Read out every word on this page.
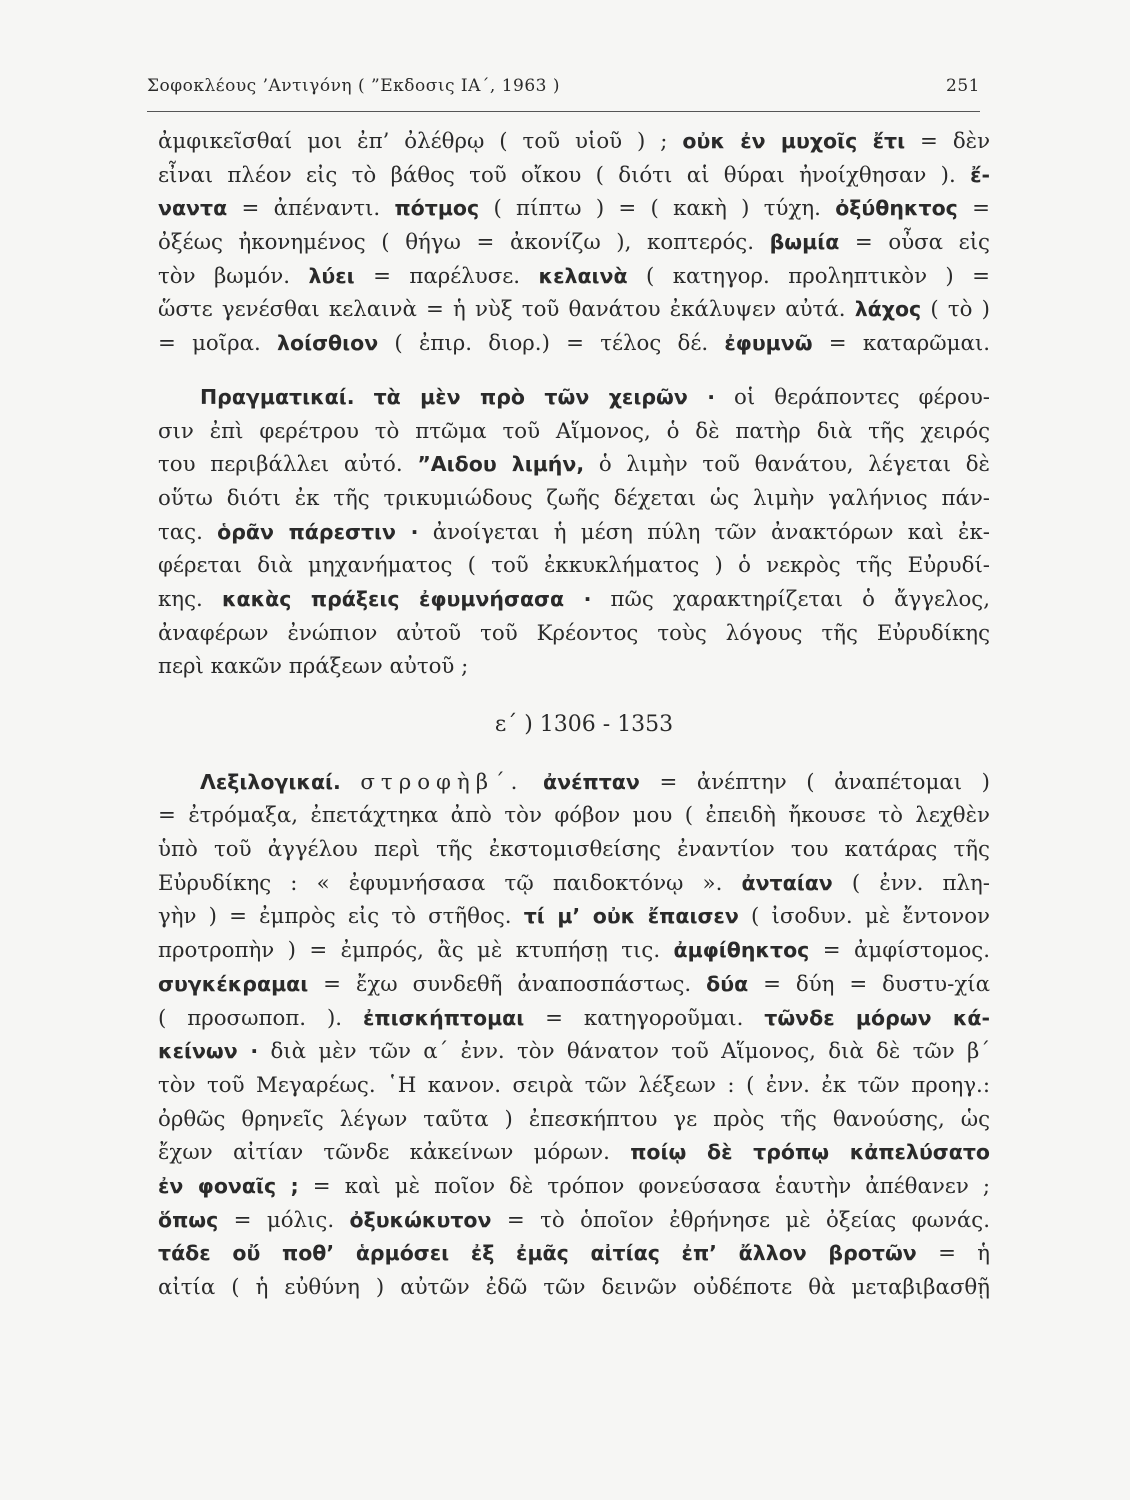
Σοφοκλέους ’Αντιγόνη ( ”Εκδοσις ΙΑ΄, 1963 )	251
ἀμφικεῖσθαί μοι ἐπ’ ὀλέθρῳ ( τοῦ υἱοῦ ) ; οὐκ ἐν μυχοῖς ἔτι = δὲν
εἶναι πλέον εἰς τὸ βάθος τοῦ οἴκου ( διότι αἱ θύραι ἠνοίχθησαν ). ἔ-
ναντα = ἀπέναντι. πότμος ( πίπτω ) = ( κακὴ ) τύχη. ὀξύθηκτος =
ὀξέως ἠκονημένος ( θήγω = ἀκονίζω ), κοπτερός. βωμία = οὖσα εἰς
τὸν βωμόν. λύει = παρέλυσε. κελαινὰ ( κατηγορ. προληπτικὸν ) =
ὥστε γενέσθαι κελαινὰ = ἡ νὺξ τοῦ θανάτου ἐκάλυψεν αὐτά. λάχος ( τὸ )
= μοῖρα. λοίσθιον ( ἐπιρ. διορ.) = τέλος δέ. ἐφυμνῶ = καταρῶμαι.
Πραγματικαί. τὰ μὲν πρὸ τῶν χειρῶν · οἱ θεράποντες φέρου-
σιν ἐπὶ φερέτρου τὸ πτῶμα τοῦ Αἵμονος, ὁ δὲ πατὴρ διὰ τῆς χειρός
του περιβάλλει αὐτό. ”Αιδου λιμήν, ὁ λιμὴν τοῦ θανάτου, λέγεται δὲ
οὕτω διότι ἐκ τῆς τρικυμιώδους ζωῆς δέχεται ὡς λιμὴν γαλήνιος πάν-
τας. ὁρᾶν πάρεστιν · ἀνοίγεται ἡ μέση πύλη τῶν ἀνακτόρων καὶ ἐκ-
φέρεται διὰ μηχανήματος ( τοῦ ἐκκυκλήματος ) ὁ νεκρὸς τῆς Εὐρυδί-
κης. κακὰς πράξεις ἐφυμνήσασα · πῶς χαρακτηρίζεται ὁ ἄγγελος,
ἀναφέρων ἐνώπιον αὐτοῦ τοῦ Κρέοντος τοὺς λόγους τῆς Εὐρυδίκης
περὶ κακῶν πράξεων αὐτοῦ ;
ε΄ ) 1306 - 1353
Λεξιλογικαί. στροφὴβ΄. ἀνέπταν = ἀνέπτην ( ἀναπέτομαι )
= ἐτρόμαξα, ἐπετάχτηκα ἀπὸ τὸν φόβον μου ( ἐπειδὴ ἤκουσε τὸ λεχθὲν
ὑπὸ τοῦ ἀγγέλου περὶ τῆς ἐκστομισθείσης ἐναντίον του κατάρας τῆς
Εὐρυδίκης : « ἐφυμνήσασα τῷ παιδοκτόνῳ ». ἀνταίαν ( ἐνν. πλη-
γὴν ) = ἐμπρὸς εἰς τὸ στῆθος. τί μ’ οὐκ ἔπαισεν ( ἰσοδυν. μὲ ἔντονον
προτροπὴν ) = ἐμπρός, ἂς μὲ κτυπήσῃ τις. ἀμφίθηκτος = ἀμφίστομος.
συγκέκραμαι = ἔχω συνδεθῆ ἀναποσπάστως. δύα = δύη = δυστυ-χία
( προσωποπ. ). ἐπισκήπτομαι = κατηγοροῦμαι. τῶνδε μόρων κά-
κείνων · διὰ μὲν τῶν α΄ ἐνν. τὸν θάνατον τοῦ Αἵμονος, διὰ δὲ τῶν β΄
τὸν τοῦ Μεγαρέως. ῾Η κανον. σειρὰ τῶν λέξεων : ( ἐνν. ἐκ τῶν προηγ.:
ὀρθῶς θρηνεῖς λέγων ταῦτα ) ἐπεσκήπτου γε πρὸς τῆς θανούσης, ὡς
ἔχων αἰτίαν τῶνδε κἀκείνων μόρων. ποίῳ δὲ τρόπῳ κἀπελύσατο
ἐν φοναῖς ; = καὶ μὲ ποῖον δὲ τρόπον φονεύσασα ἑαυτὴν ἀπέθανεν ;
ὅπως = μόλις. ὀξυκώκυτον = τὸ ὁποῖον ἐθρήνησε μὲ ὀξείας φωνάς.
τάδε οὔ ποθ’ ἁρμόσει ἐξ ἐμᾶς αἰτίας ἐπ’ ἄλλον βροτῶν = ἡ
αἰτία ( ἡ εὐθύνη ) αὐτῶν ἐδῶ τῶν δεινῶν οὐδέποτε θὰ μεταβιβασθῇ
